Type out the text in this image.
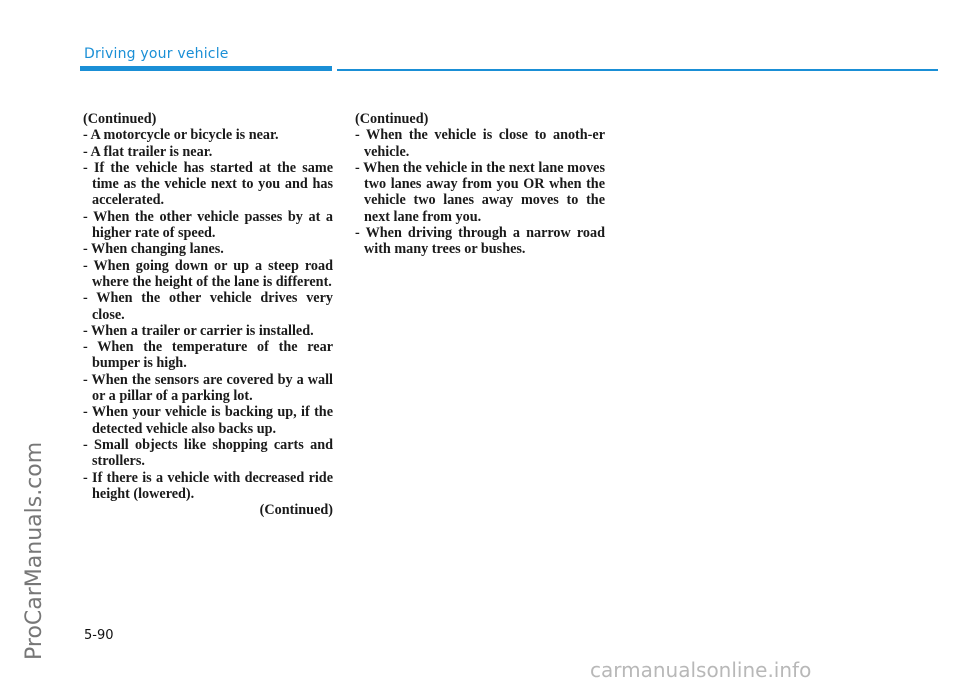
Driving your vehicle
ProCarManuals.com
(Continued)
- A motorcycle or bicycle is near.
- A flat trailer is near.
- If the vehicle has started at the same time as the vehicle next to you and has accelerated.
- When the other vehicle passes by at a higher rate of speed.
- When changing lanes.
- When going down or up a steep road where the height of the lane is different.
- When the other vehicle drives very close.
- When a trailer or carrier is installed.
- When the temperature of the rear bumper is high.
- When the sensors are covered by a wall or a pillar of a parking lot.
- When your vehicle is backing up, if the detected vehicle also backs up.
- Small objects like shopping carts and strollers.
- If there is a vehicle with decreased ride height (lowered).
(Continued)
(Continued)
- When the vehicle is close to anoth-er vehicle.
- When the vehicle in the next lane moves two lanes away from you OR when the vehicle two lanes away moves to the next lane from you.
- When driving through a narrow road with many trees or bushes.
5-90
carmanualsonline.info
